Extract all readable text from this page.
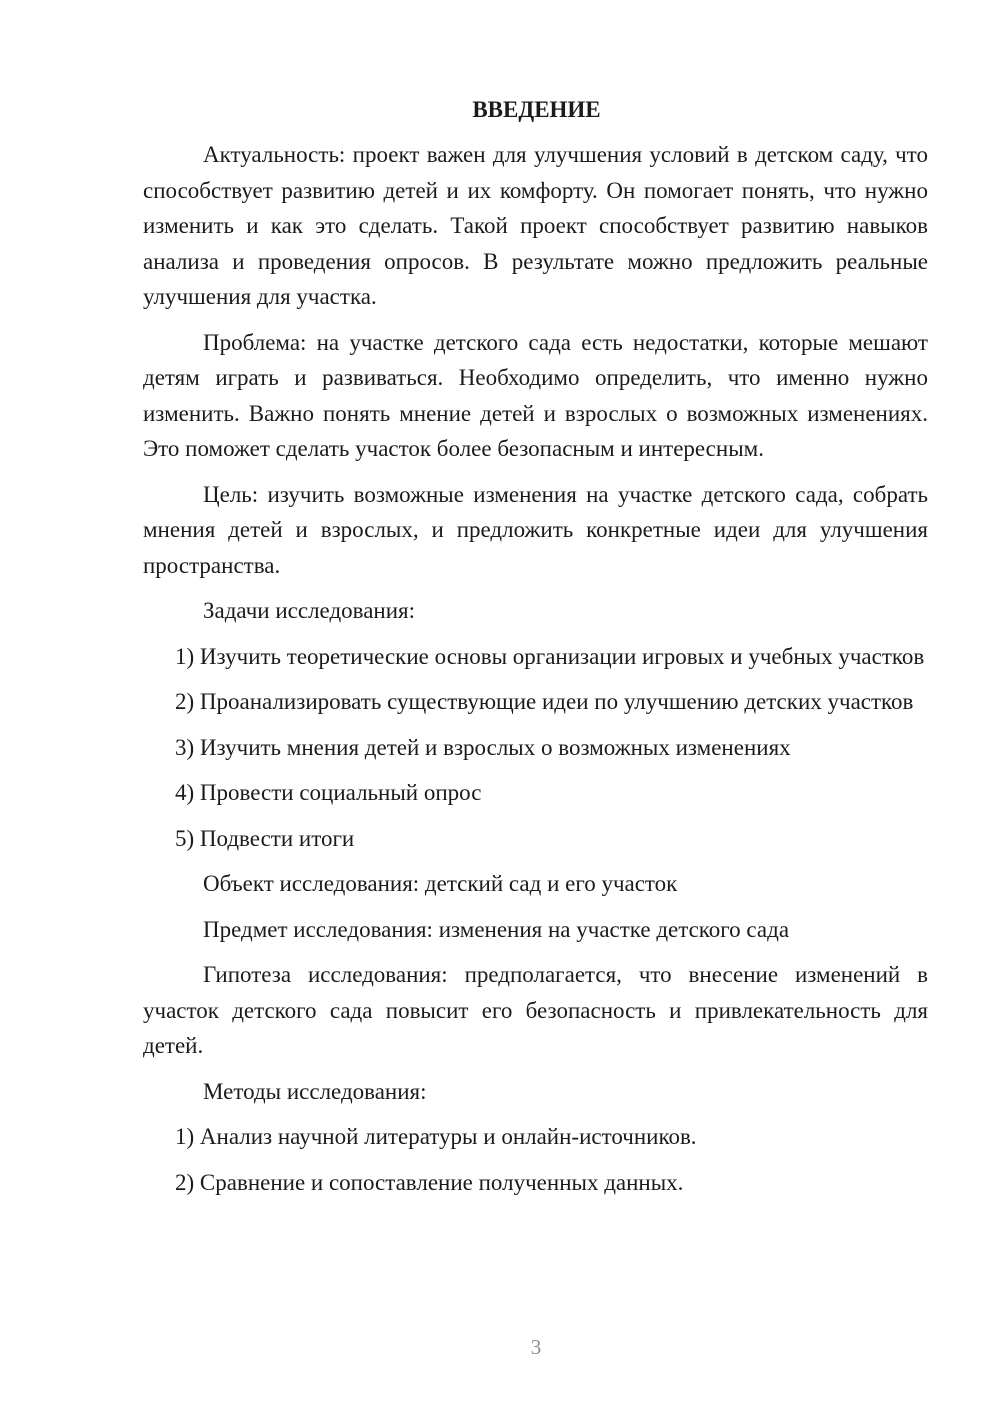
ВВЕДЕНИЕ

Актуальность: проект важен для улучшения условий в детском саду, что способствует развитию детей и их комфорту. Он помогает понять, что нужно изменить и как это сделать. Такой проект способствует развитию навыков анализа и проведения опросов. В результате можно предложить реальные улучшения для участка.

Проблема: на участке детского сада есть недостатки, которые мешают детям играть и развиваться. Необходимо определить, что именно нужно изменить. Важно понять мнение детей и взрослых о возможных изменениях. Это поможет сделать участок более безопасным и интересным.

Цель: изучить возможные изменения на участке детского сада, собрать мнения детей и взрослых, и предложить конкретные идеи для улучшения пространства.

Задачи исследования:

1) Изучить теоретические основы организации игровых и учебных участков

2) Проанализировать существующие идеи по улучшению детских участков

3) Изучить мнения детей и взрослых о возможных изменениях

4) Провести социальный опрос

5) Подвести итоги

Объект исследования: детский сад и его участок

Предмет исследования: изменения на участке детского сада

Гипотеза исследования: предполагается, что внесение изменений в участок детского сада повысит его безопасность и привлекательность для детей.

Методы исследования:

1) Анализ научной литературы и онлайн-источников.

2) Сравнение и сопоставление полученных данных.

3
